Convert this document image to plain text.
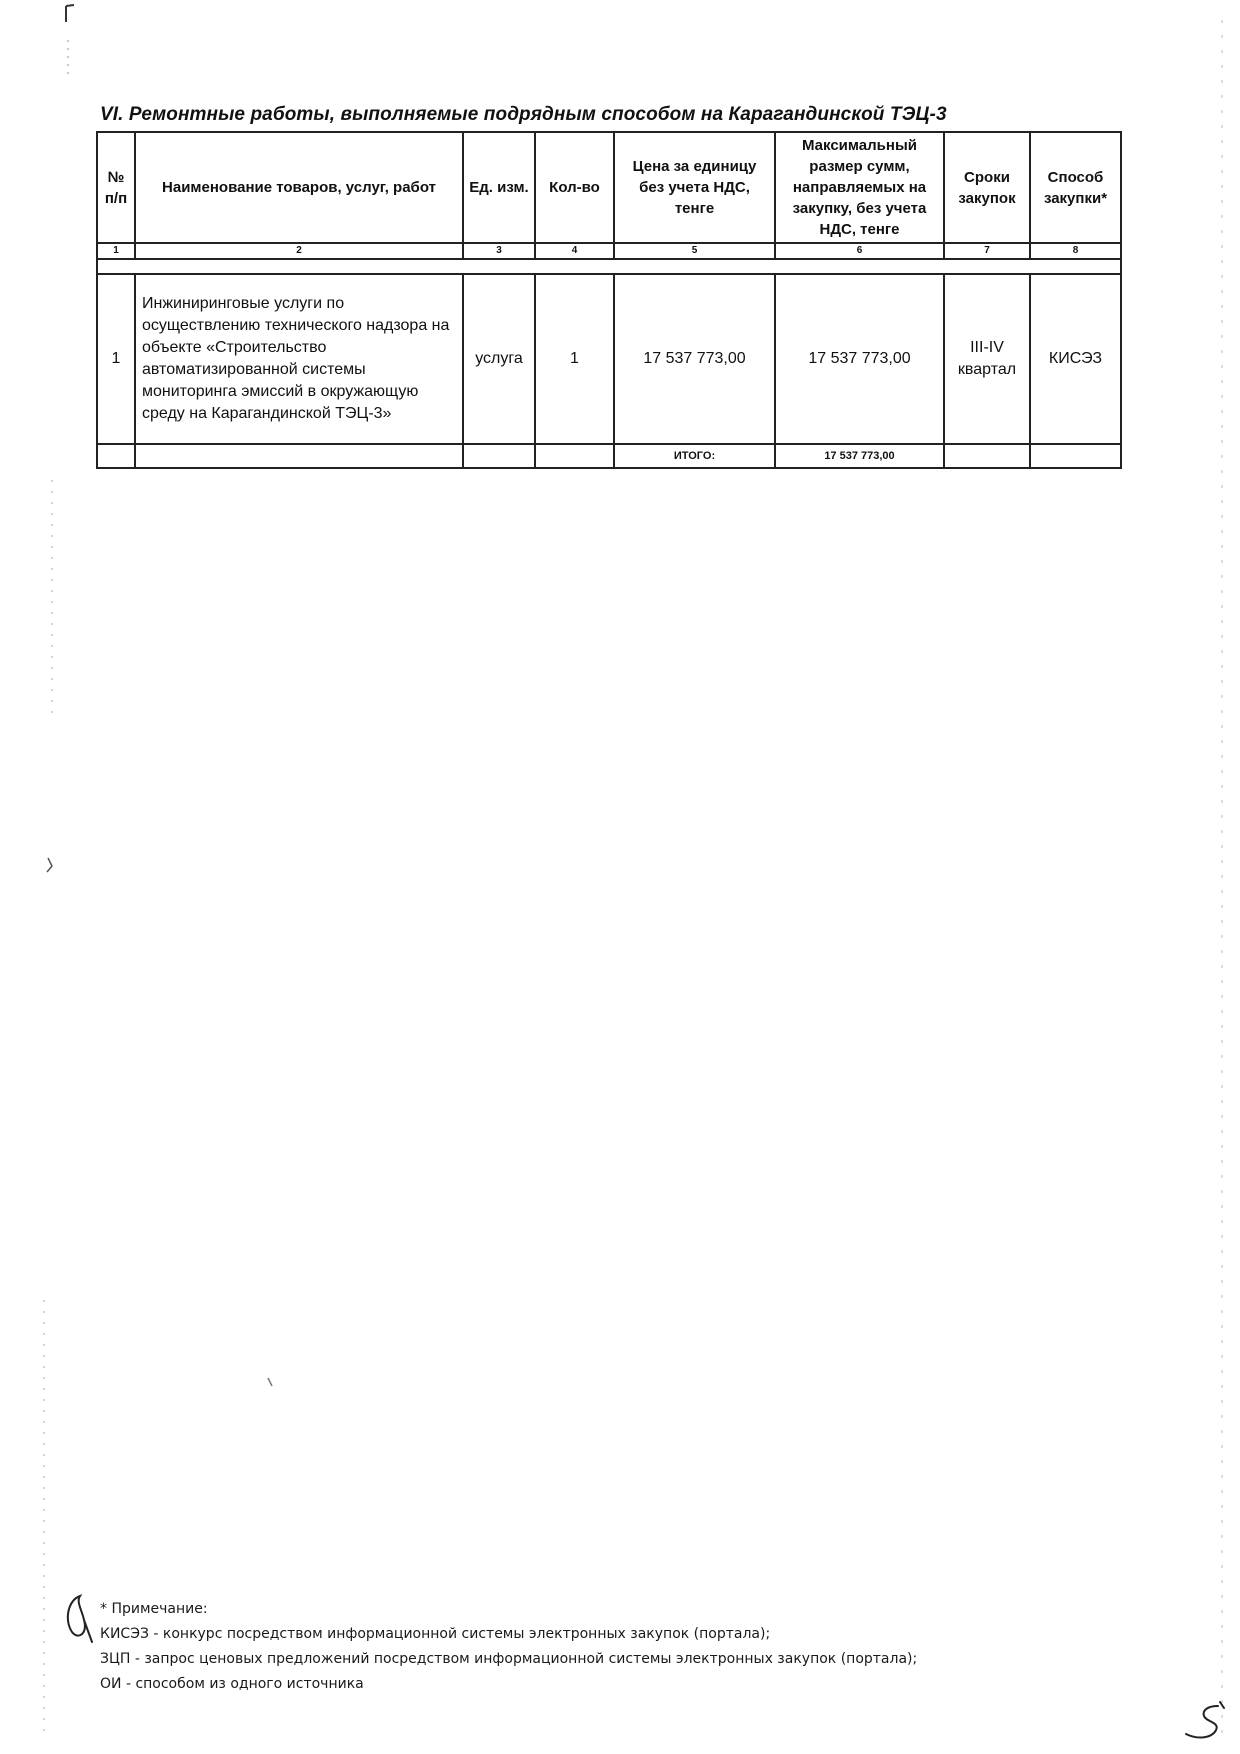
VI. Ремонтные работы, выполняемые подрядным способом на Карагандинской ТЭЦ-3
№ п/п	Наименование товаров, услуг, работ	Ед. изм.	Кол-во	Цена за единицу без учета НДС, тенге	Максимальный размер сумм, направляемых на закупку, без учета НДС, тенге	Сроки закупок	Способ закупки*
1	2	3	4	5	6	7	8

1	Инжиниринговые услуги по осуществлению технического надзора на объекте «Строительство автоматизированной системы мониторинга эмиссий в окружающую среду на Карагандинской ТЭЦ-3»	услуга	1	17 537 773,00	17 537 773,00	III-IV квартал	КИСЭЗ
				ИТОГО:	17 537 773,00		
* Примечание:
КИСЭЗ - конкурс посредством информационной системы электронных закупок (портала);
ЗЦП - запрос ценовых предложений посредством информационной системы электронных закупок (портала);
ОИ - способом из одного источника
